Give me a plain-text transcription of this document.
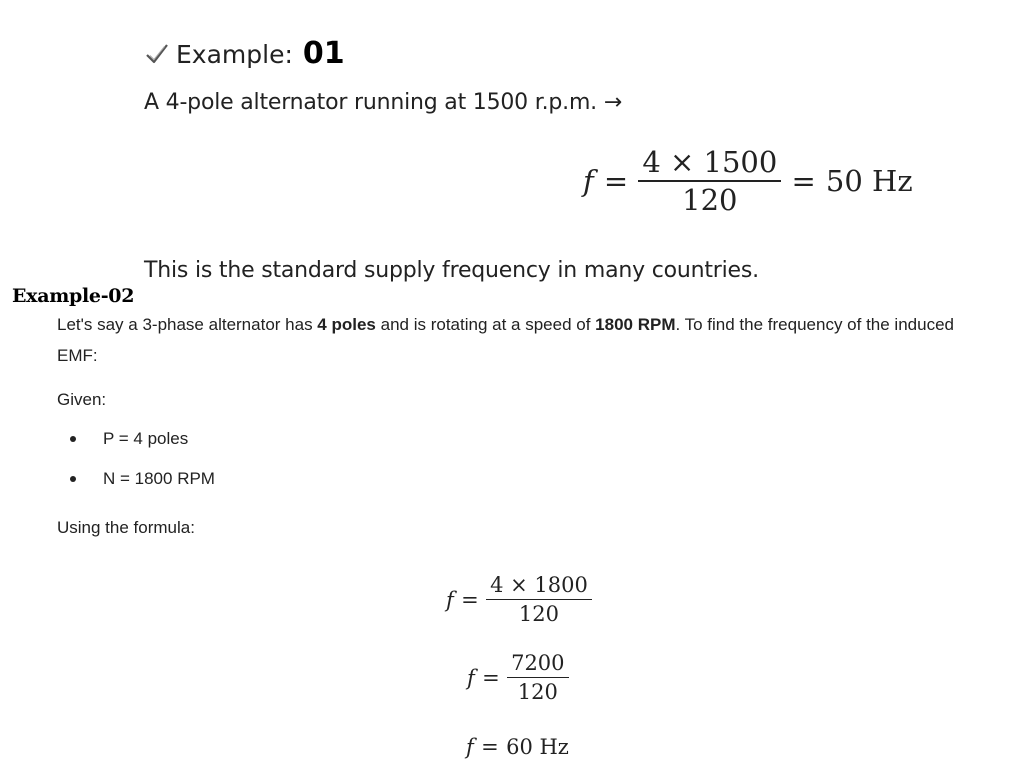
Example: 01
A 4-pole alternator running at 1500 r.p.m. →
$f = \frac{4 \times 1500}{120} = 50$ Hz
This is the standard supply frequency in many countries.
Example-02
Let's say a 3-phase alternator has 4 poles and is rotating at a speed of 1800 RPM. To find the frequency of the induced EMF:
Given:
P = 4 poles
N = 1800 RPM
Using the formula:
$f = \frac{4 \times 1800}{120}$
$f = \frac{7200}{120}$
f = 60 Hz
